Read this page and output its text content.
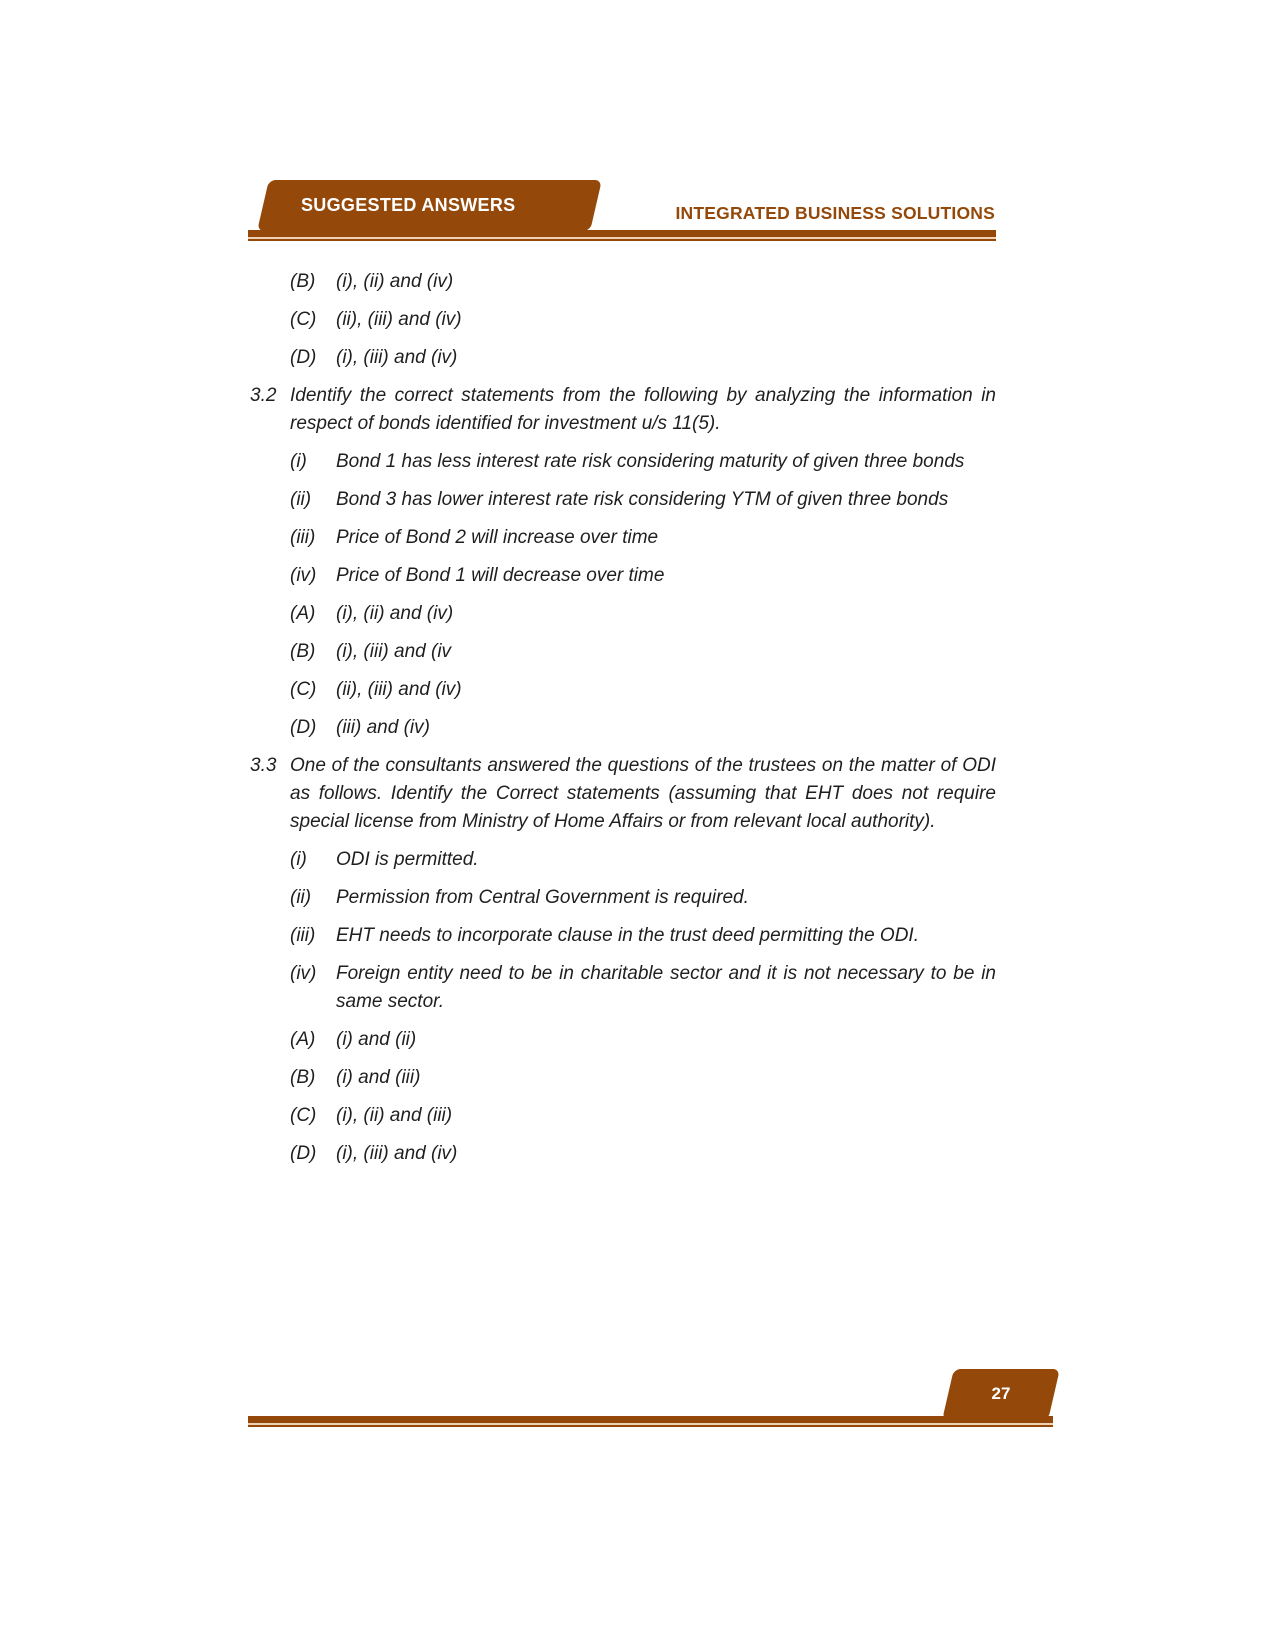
SUGGESTED ANSWERS	INTEGRATED BUSINESS SOLUTIONS
(B)	(i), (ii) and (iv)
(C)	(ii), (iii) and (iv)
(D)	(i), (iii) and (iv)
3.2 Identify the correct statements from the following by analyzing the information in respect of bonds identified for investment u/s 11(5).
(i)	Bond 1 has less interest rate risk considering maturity of given three bonds
(ii)	Bond 3 has lower interest rate risk considering YTM of given three bonds
(iii)	Price of Bond 2 will increase over time
(iv)	Price of Bond 1 will decrease over time
(A)	(i), (ii) and (iv)
(B)	(i), (iii) and (iv
(C)	(ii), (iii) and (iv)
(D)	(iii) and (iv)
3.3 One of the consultants answered the questions of the trustees on the matter of ODI as follows. Identify the Correct statements (assuming that EHT does not require special license from Ministry of Home Affairs or from relevant local authority).
(i)	ODI is permitted.
(ii)	Permission from Central Government is required.
(iii)	EHT needs to incorporate clause in the trust deed permitting the ODI.
(iv)	Foreign entity need to be in charitable sector and it is not necessary to be in same sector.
(A)	(i) and (ii)
(B)	(i) and (iii)
(C)	(i), (ii) and (iii)
(D)	(i), (iii) and (iv)
27
